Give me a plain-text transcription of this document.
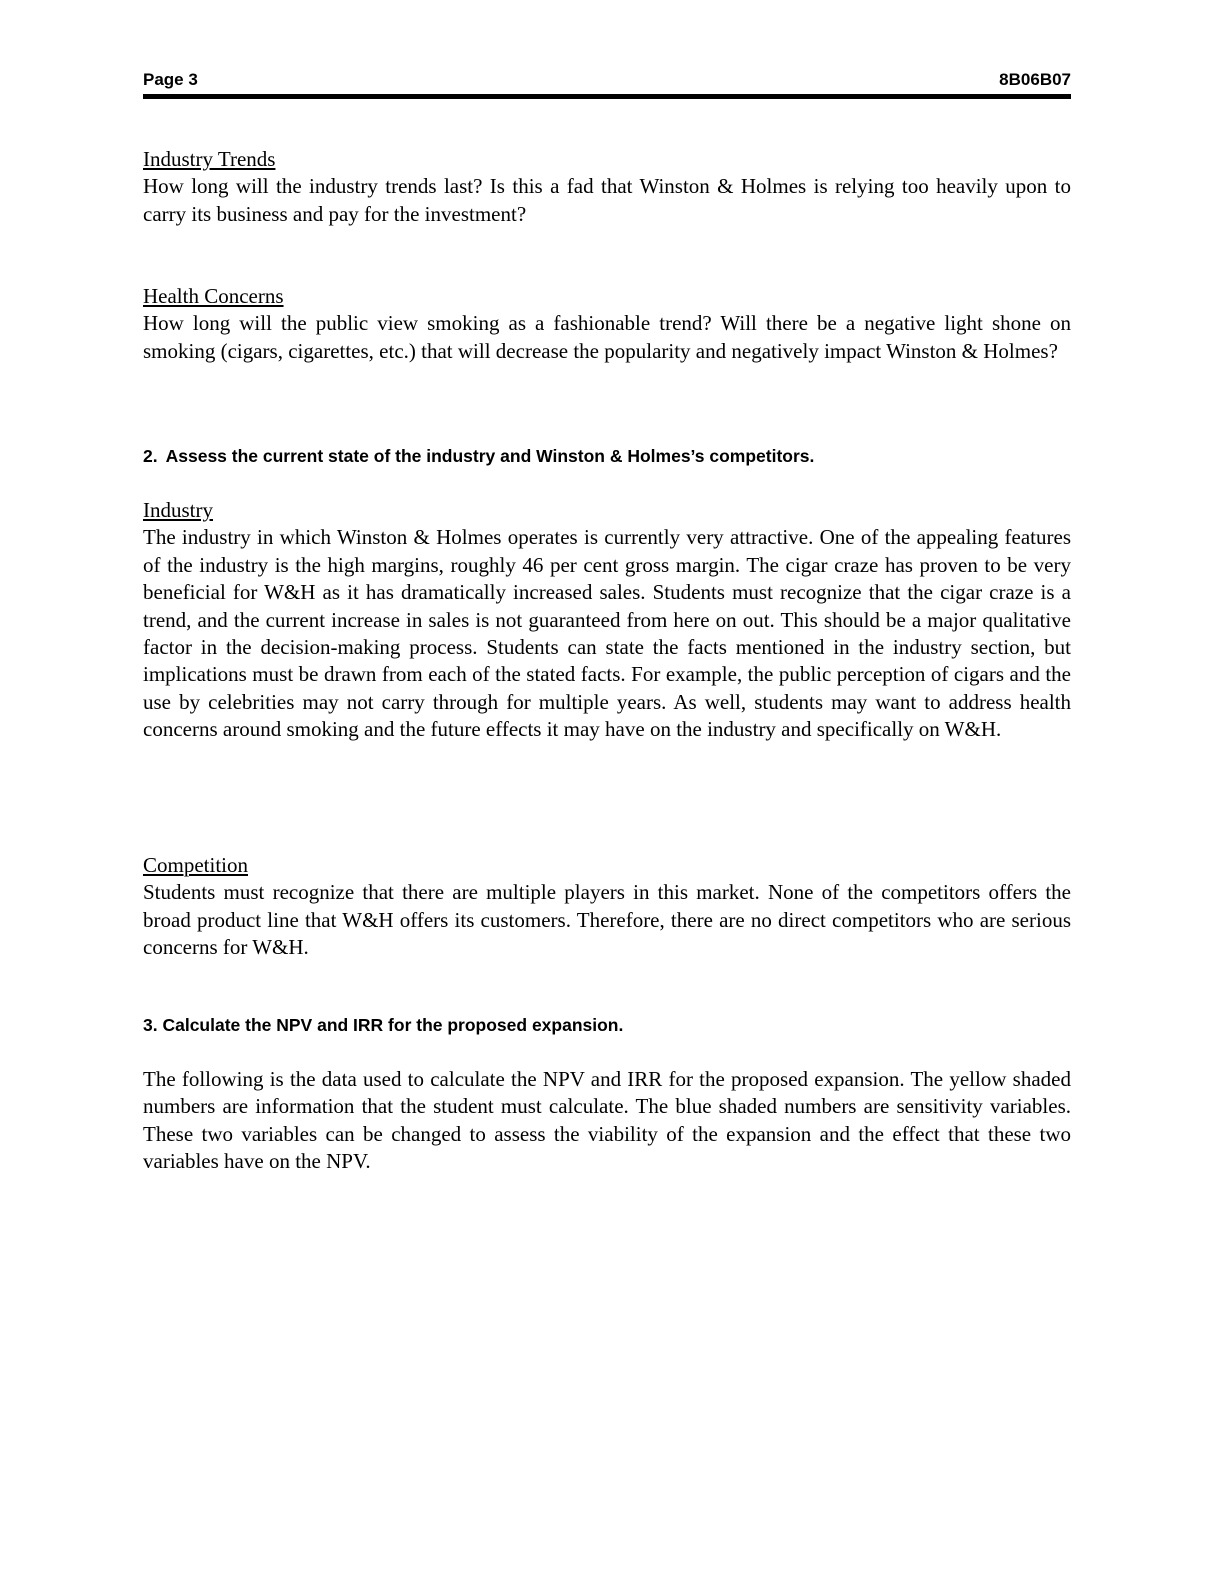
Page 3	8B06B07

Industry Trends
How long will the industry trends last? Is this a fad that Winston & Holmes is relying too heavily upon to carry its business and pay for the investment?

Health Concerns
How long will the public view smoking as a fashionable trend? Will there be a negative light shone on smoking (cigars, cigarettes, etc.) that will decrease the popularity and negatively impact Winston & Holmes?

2. Assess the current state of the industry and Winston & Holmes’s competitors.

Industry
The industry in which Winston & Holmes operates is currently very attractive. One of the appealing features of the industry is the high margins, roughly 46 per cent gross margin. The cigar craze has proven to be very beneficial for W&H as it has dramatically increased sales. Students must recognize that the cigar craze is a trend, and the current increase in sales is not guaranteed from here on out. This should be a major qualitative factor in the decision-making process. Students can state the facts mentioned in the industry section, but implications must be drawn from each of the stated facts. For example, the public perception of cigars and the use by celebrities may not carry through for multiple years. As well, students may want to address health concerns around smoking and the future effects it may have on the industry and specifically on W&H.

Competition
Students must recognize that there are multiple players in this market. None of the competitors offers the broad product line that W&H offers its customers. Therefore, there are no direct competitors who are serious concerns for W&H.

3. Calculate the NPV and IRR for the proposed expansion.

The following is the data used to calculate the NPV and IRR for the proposed expansion. The yellow shaded numbers are information that the student must calculate. The blue shaded numbers are sensitivity variables. These two variables can be changed to assess the viability of the expansion and the effect that these two variables have on the NPV.
